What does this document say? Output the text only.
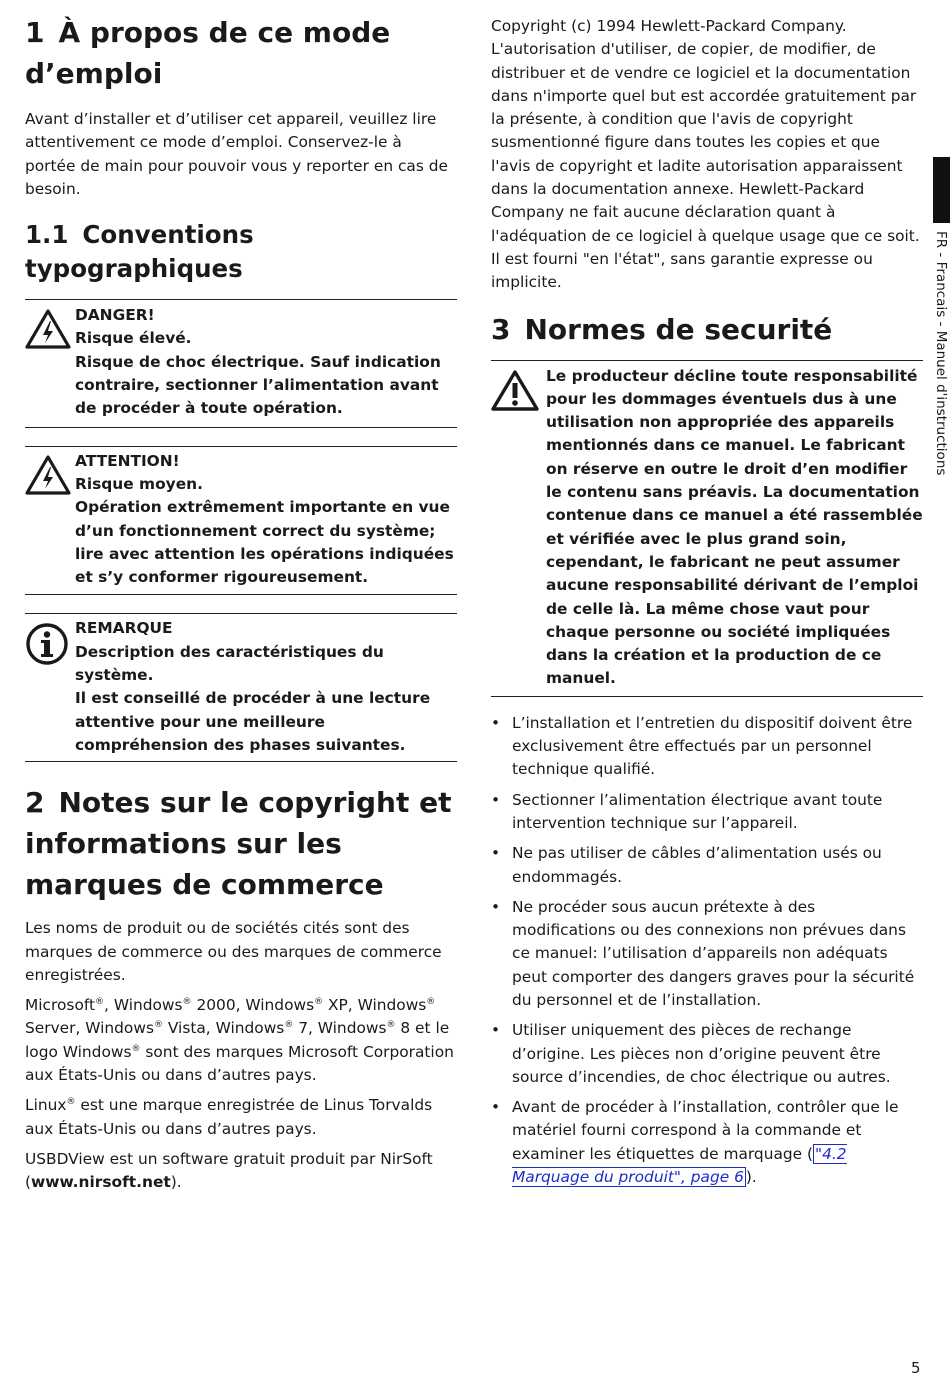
1 À propos de ce mode d’emploi

Avant d’installer et d’utiliser cet appareil, veuillez lire attentivement ce mode d’emploi. Conservez-le à portée de main pour pouvoir vous y reporter en cas de besoin.

1.1 Conventions typographiques
DANGER!
Risque élevé.
Risque de choc électrique. Sauf indication contraire, sectionner l’alimentation avant de procéder à toute opération.
ATTENTION!
Risque moyen.
Opération extrêmement importante en vue d’un fonctionnement correct du système; lire avec attention les opérations indiquées et s’y conformer rigoureusement.
REMARQUE
Description des caractéristiques du système.
Il est conseillé de procéder à une lecture attentive pour une meilleure compréhension des phases suivantes.
2 Notes sur le copyright et informations sur les marques de commerce

Les noms de produit ou de sociétés cités sont des marques de commerce ou des marques de commerce enregistrées.

Microsoft®, Windows® 2000, Windows® XP, Windows® Server, Windows® Vista, Windows® 7, Windows® 8 et le logo Windows® sont des marques Microsoft Corporation aux États-Unis ou dans d’autres pays.

Linux® est une marque enregistrée de Linus Torvalds aux États-Unis ou dans d’autres pays.

USBDView est un software gratuit produit par NirSoft (www.nirsoft.net).

Copyright (c) 1994 Hewlett-Packard Company. L'autorisation d'utiliser, de copier, de modifier, de distribuer et de vendre ce logiciel et la documentation dans n'importe quel but est accordée gratuitement par la présente, à condition que l'avis de copyright susmentionné figure dans toutes les copies et que l'avis de copyright et ladite autorisation apparaissent dans la documentation annexe. Hewlett-Packard Company ne fait aucune déclaration quant à l'adéquation de ce logiciel à quelque usage que ce soit. Il est fourni "en l'état", sans garantie expresse ou implicite.

3 Normes de securité
Le producteur décline toute responsabilité pour les dommages éventuels dus à une utilisation non appropriée des appareils mentionnés dans ce manuel. Le fabricant on réserve en outre le droit d’en modifier le contenu sans préavis. La documentation contenue dans ce manuel a été rassemblée et vérifiée avec le plus grand soin, cependant, le fabricant ne peut assumer aucune responsabilité dérivant de l’emploi de celle là. La même chose vaut pour chaque personne ou société impliquées dans la création et la production de ce manuel.
• L’installation et l’entretien du dispositif doivent être exclusivement être effectués par un personnel technique qualifié.
• Sectionner l’alimentation électrique avant toute intervention technique sur l’appareil.
• Ne pas utiliser de câbles d’alimentation usés ou endommagés.
• Ne procéder sous aucun prétexte à des modifications ou des connexions non prévues dans ce manuel: l’utilisation d’appareils non adéquats peut comporter des dangers graves pour la sécurité du personnel et de l’installation.
• Utiliser uniquement des pièces de rechange d’origine. Les pièces non d’origine peuvent être source d’incendies, de choc électrique ou autres.
• Avant de procéder à l’installation, contrôler que le matériel fourni correspond à la commande et examiner les étiquettes de marquage ( "4.2 Marquage du produit", page 6 ).
FR - Francais - Manuel d'instructions
5
